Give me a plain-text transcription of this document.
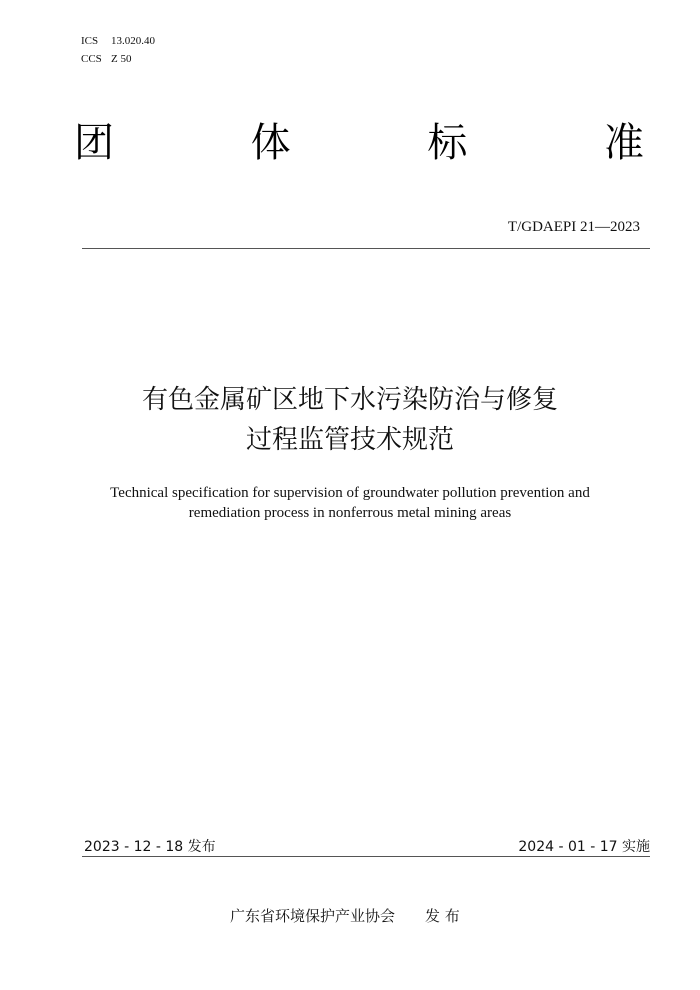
ICS 13.020.40
CCS Z 50
团	体	标	准
T/GDAEPI 21—2023
有色金属矿区地下水污染防治与修复
过程监管技术规范
Technical specification for supervision of groundwater pollution prevention and
remediation process in nonferrous metal mining areas
2023 - 12 - 18 发布	2024 - 01 - 17 实施
广东省环境保护产业协会 发 布
